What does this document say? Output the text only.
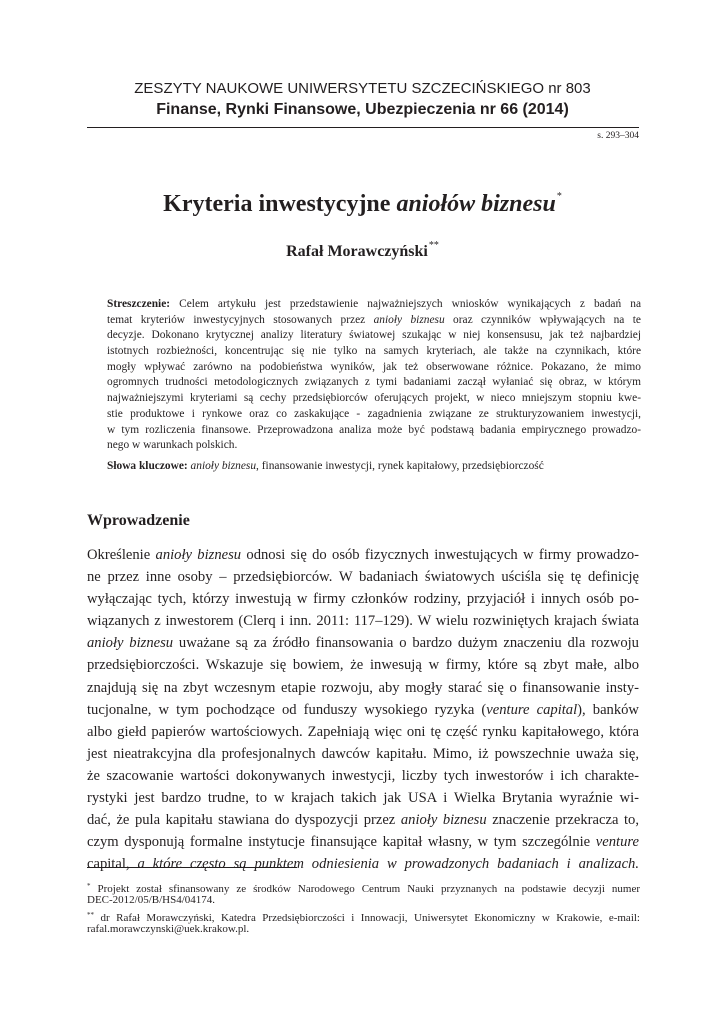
ZESZYTY NAUKOWE UNIWERSYTETU SZCZECIŃSKIEGO nr 803
Finanse, Rynki Finansowe, Ubezpieczenia nr 66 (2014)
s. 293–304
Kryteria inwestycyjne aniołów biznesu*
Rafał Morawczyński**
Streszczenie: Celem artykułu jest przedstawienie najważniejszych wniosków wynikających z badań na
temat kryteriów inwestycyjnych stosowanych przez anioły biznesu oraz czynników wpływających na te
decyzje. Dokonano krytycznej analizy literatury światowej szukając w niej konsensusu, jak też najbardziej
istotnych rozbieżności, koncentrując się nie tylko na samych kryteriach, ale także na czynnikach, które
mogły wpływać zarówno na podobieństwa wyników, jak też obserwowane różnice. Pokazano, że mimo
ogromnych trudności metodologicznych związanych z tymi badaniami zaczął wyłaniać się obraz, w którym
najważniejszymi kryteriami są cechy przedsiębiorców oferujących projekt, w nieco mniejszym stopniu kwe-
stie produktowe i rynkowe oraz co zaskakujące - zagadnienia związane ze strukturyzowaniem inwestycji,
w tym rozliczenia finansowe. Przeprowadzona analiza może być podstawą badania empirycznego prowadzo-
nego w warunkach polskich.
Słowa kluczowe: anioły biznesu, finansowanie inwestycji, rynek kapitałowy, przedsiębiorczość
Wprowadzenie
Określenie anioły biznesu odnosi się do osób fizycznych inwestujących w firmy prowadzo-
ne przez inne osoby – przedsiębiorców. W badaniach światowych uściśla się tę definicję
wyłączając tych, którzy inwestują w firmy członków rodziny, przyjaciół i innych osób po-
wiązanych z inwestorem (Clerq i inn. 2011: 117–129). W wielu rozwiniętych krajach świata
anioły biznesu uważane są za źródło finansowania o bardzo dużym znaczeniu dla rozwoju
przedsiębiorczości. Wskazuje się bowiem, że inwesują w firmy, które są zbyt małe, albo
znajdują się na zbyt wczesnym etapie rozwoju, aby mogły starać się o finansowanie insty-
tucjonalne, w tym pochodzące od funduszy wysokiego ryzyka (venture capital), banków
albo giełd papierów wartościowych. Zapełniają więc oni tę część rynku kapitałowego, która
jest nieatrakcyjna dla profesjonalnych dawców kapitału. Mimo, iż powszechnie uważa się,
że szacowanie wartości dokonywanych inwestycji, liczby tych inwestorów i ich charakte-
rystyki jest bardzo trudne, to w krajach takich jak USA i Wielka Brytania wyraźnie wi-
dać, że pula kapitału stawiana do dyspozycji przez anioły biznesu znaczenie przekracza to,
czym dysponują formalne instytucje finansujące kapitał własny, w tym szczególnie venture
capital, a które często są punktem odniesienia w prowadzonych badaniach i analizach.
* Projekt został sfinansowany ze środków Narodowego Centrum Nauki przyznanych na podstawie decyzji numer
DEC-2012/05/B/HS4/04174.
** dr Rafał Morawczyński, Katedra Przedsiębiorczości i Innowacji, Uniwersytet Ekonomiczny w Krakowie, e-mail:
rafal.morawczynski@uek.krakow.pl.
